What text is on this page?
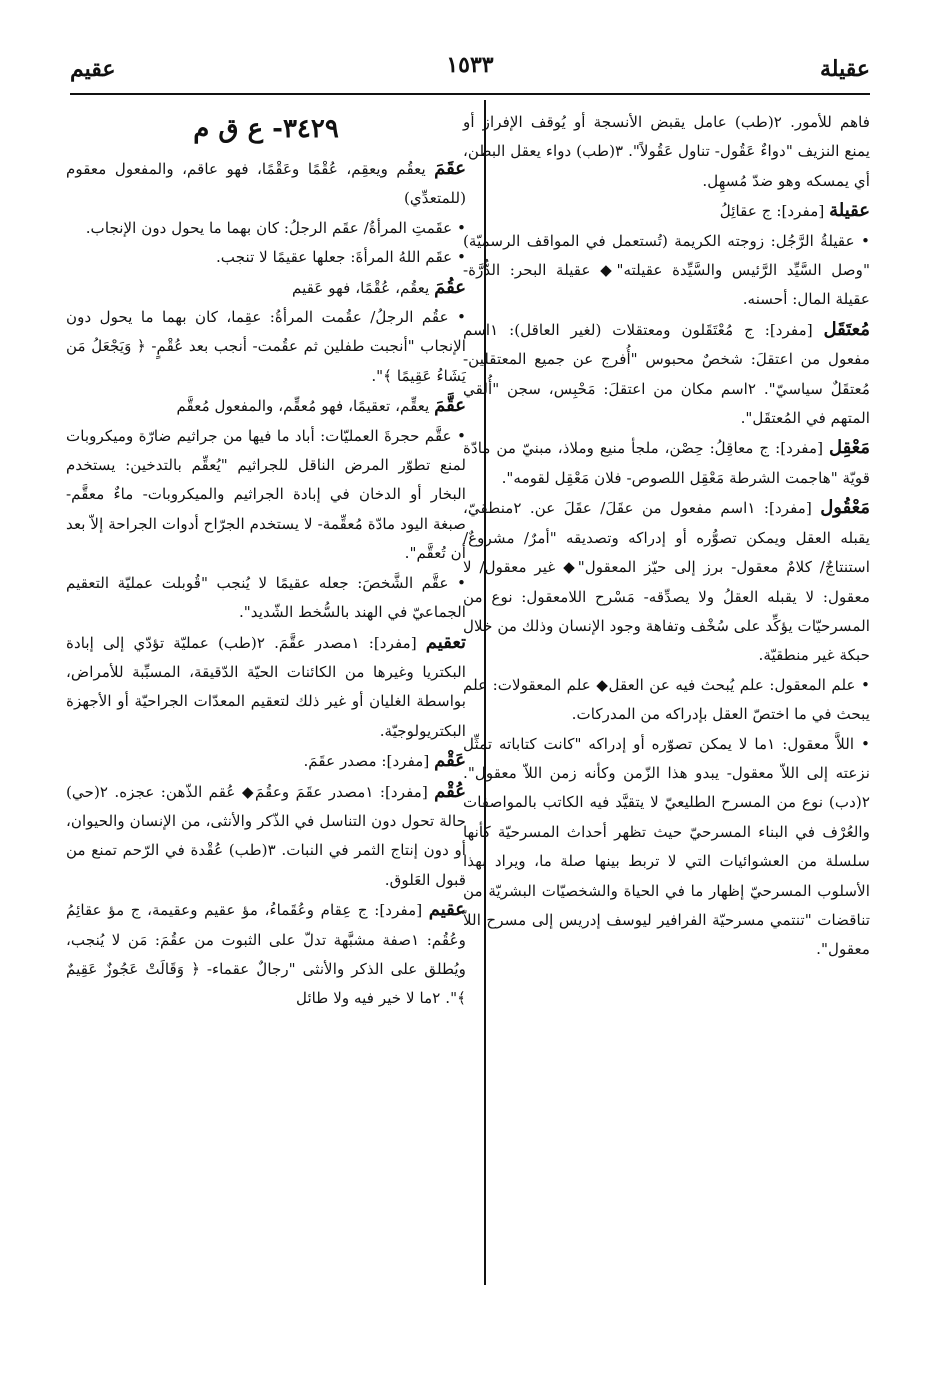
عقيلة
١٥٣٣
عقيم

فاهم للأمور. ٢(طب) عامل يقبض الأنسجة أو يُوقف الإفراز أو يمنع النزيف "دواءٌ عَقُول- تناول عَقُولاً". ٣(طب) دواء يعقل البطن، أي يمسكه وهو ضدّ مُسهِل.

عقيلة [مفرد]: ج عقائِلُ

• عقيلةُ الرَّجُل: زوجته الكريمة (تُستعمل في المواقف الرسميّة) "وصل السَّيِّد الرَّئيس والسَّيِّدة عقيلته"◆ عقيلة البحر: الدُّرَّة- عقيلة المال: أحسنه.

مُعتَقَل [مفرد]: ج مُعْتَقَلون ومعتقلات (لغير العاقل): ١اسم مفعول من اعتقلَ: شخصٌ محبوس "أُفرج عن جميع المعتقلين- مُعتقَلٌ سياسيّ". ٢اسم مكان من اعتقلَ: مَحْبِس، سجن "أُلقي المتهم في المُعتقَل".

مَعْقِل [مفرد]: ج معاقِلُ: حِصْن، ملجأ منيع وملاذ، مبنيّ من مادّة قويّة "هاجمت الشرطة مَعْقِل اللصوص- فلان مَعْقِل لقومه".

مَعْقُول [مفرد]: ١اسم مفعول من عقَلَ/ عقَلَ عن. ٢منطقيّ، يقبله العقل ويمكن تصوُّره أو إدراكه وتصديقه "أمرٌ/ مشروعٌ/ استنتاجٌ/ كلامٌ معقول- برز إلى حيّز المعقول"◆ غير معقول/ لا معقول: لا يقبله العقلُ ولا يصدِّقه- مَسْرح اللامعقول: نوع من المسرحيّات يؤكِّد على سُخْف وتفاهة وجود الإنسان وذلك من خلال حبكة غير منطقيّة.

• علم المعقول: علم يُبحث فيه عن العقل◆ علم المعقولات: علم يبحث في ما اختصّ العقل بإدراكه من المدركات.

• اللاَّ معقول: ١ما لا يمكن تصوّره أو إدراكه "كانت كتاباته تمثِّل نزعته إلى اللاّ معقول- يبدو هذا الزّمن وكأنه زمن اللاّ معقول". ٢(دب) نوع من المسرح الطليعيّ لا يتقيَّد فيه الكاتب بالمواصفات والعُرْف في البناء المسرحيّ حيث تظهر أحداث المسرحيّة كأنها سلسلة من العشوائيات التي لا تربط بينها صلة ما، ويراد بهذا الأسلوب المسرحيّ إظهار ما في الحياة والشخصيّات البشريّة من تناقضات "تنتمي مسرحيّة الفرافير ليوسف إدريس إلى مسرح اللاّ معقول".

٣٤٢٩- ع ق م

عقَمَ يعقُم ويعقِم، عُقْمًا وعَقْمًا، فهو عاقم، والمفعول معقوم (للمتعدِّي)

• عقَمتِ المرأةُ/ عقَم الرجلُ: كان بهما ما يحول دون الإنجاب.

• عقَم اللهُ المرأةَ: جعلها عقيمًا لا تنجب.

عقُمَ يعقُم، عُقْمًا، فهو عَقيم

• عقُم الرجلُ/ عقُمت المرأةُ: عقِما، كان بهما ما يحول دون الإنجاب "أنجبت طفلين ثم عقُمت- أنجب بعد عُقْمٍ- ﴿ وَيَجْعَلُ مَن يَشَاءُ عَقِيمًا ﴾".

عقَّمَ يعقِّم، تعقيمًا، فهو مُعقِّم، والمفعول مُعقَّم

• عقَّم حجرةَ العمليّات: أباد ما فيها من جراثيم ضارّة وميكروبات لمنع تطوّر المرض الناقل للجراثيم "يُعقِّم بالتدخين: يستخدم البخار أو الدخان في إبادة الجراثيم والميكروبات- ماءٌ معقَّم- صبغة اليود مادّة مُعقِّمة- لا يستخدم الجرّاح أدوات الجراحة إلاّ بعد أن تُعقَّم".

• عقَّم الشَّخصَ: جعله عقيمًا لا يُنجب "قُوبلت عمليّة التعقيم الجماعيّ في الهند بالسُّخط الشّديد".

تعقيم [مفرد]: ١مصدر عقَّمَ. ٢(طب) عمليّة تؤدّي إلى إبادة البكتريا وغيرها من الكائنات الحيّة الدّقيقة، المسبِّبة للأمراض، بواسطة الغليان أو غير ذلك لتعقيم المعدّات الجراحيّة أو الأجهزة البكتريولوجيّة.

عَقْم [مفرد]: مصدر عقَمَ.

عُقْم [مفرد]: ١مصدر عقَمَ وعقُمَ◆ عُقم الذّهن: عجزه. ٢(حي) حالة تحول دون التناسل في الذّكر والأنثى، من الإنسان والحيوان، أو دون إنتاج الثمر في النبات. ٣(طب) عُقْدة في الرّحم تمنع من قبول العَلوق.

عقيم [مفرد]: ج عِقام وعُقَماءُ، مؤ عقيم وعقيمة، ج مؤ عقائِمُ وعُقُم: ١صفة مشبَّهة تدلّ على الثبوت من عقُمَ: مَن لا يُنجب، ويُطلق على الذكر والأنثى "رجالٌ عقماء- ﴿ وَقَالَتْ عَجُوزٌ عَقِيمٌ ﴾". ٢ما لا خير فيه ولا طائل
